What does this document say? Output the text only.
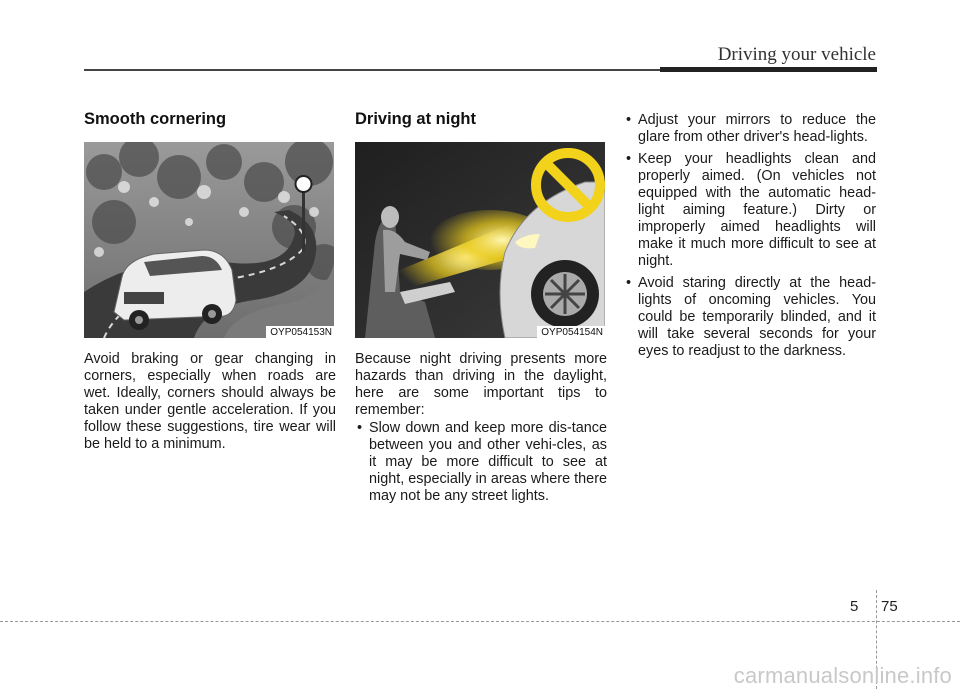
Driving your vehicle
Smooth cornering
OYP054153N

Avoid braking or gear changing in corners, especially when roads are wet. Ideally, corners should always be taken under gentle acceleration. If you follow these suggestions, tire wear will be held to a minimum.

Driving at night
OYP054154N

Because night driving presents more hazards than driving in the daylight, here are some important tips to remember:

• Slow down and keep more dis-tance between you and other vehi-cles, as it may be more difficult to see at night, especially in areas where there may not be any street lights.
• Adjust your mirrors to reduce the glare from other driver's head-lights.
• Keep your headlights clean and properly aimed. (On vehicles not equipped with the automatic head-light aiming feature.) Dirty or improperly aimed headlights will make it much more difficult to see at night.
• Avoid staring directly at the head-lights of oncoming vehicles. You could be temporarily blinded, and it will take several seconds for your eyes to readjust to the darkness.
5 75
carmanualsonline.info
